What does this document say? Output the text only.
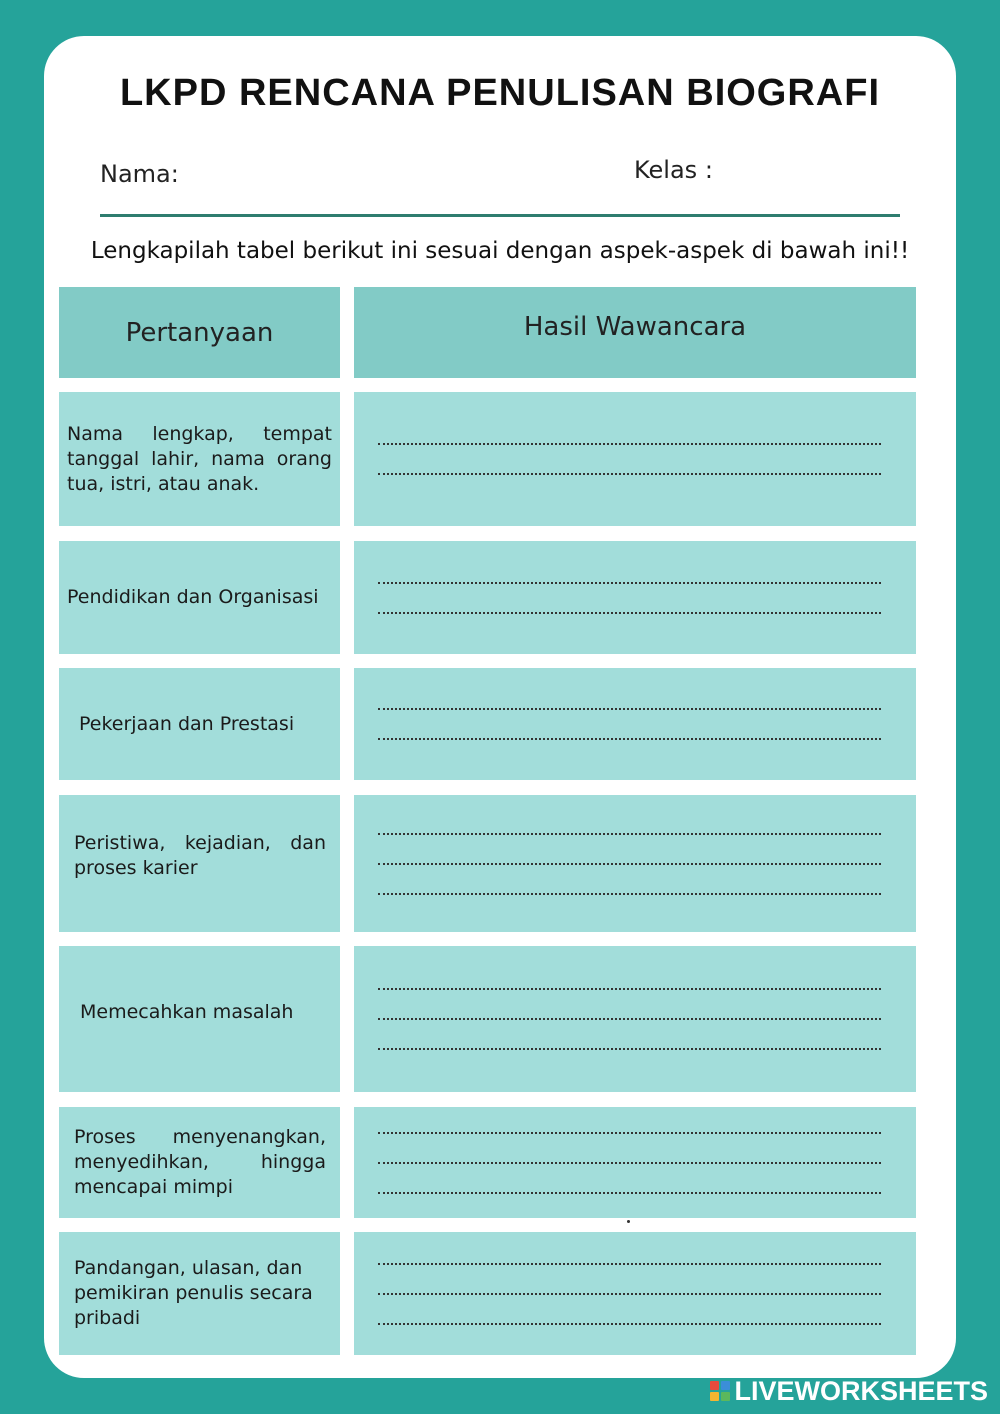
LKPD RENCANA PENULISAN BIOGRAFI
Nama:	Kelas :
Lengkapilah tabel berikut ini sesuai dengan aspek-aspek di bawah ini!!
Pertanyaan	Hasil Wawancara
Nama lengkap, tempat tanggal lahir, nama orang tua, istri, atau anak.
Pendidikan dan Organisasi
Pekerjaan dan Prestasi
Peristiwa, kejadian, dan proses karier
Memecahkan masalah
Proses menyenangkan, menyedihkan, hingga mencapai mimpi
Pandangan, ulasan, dan pemikiran penulis secara pribadi
LIVEWORKSHEETS
